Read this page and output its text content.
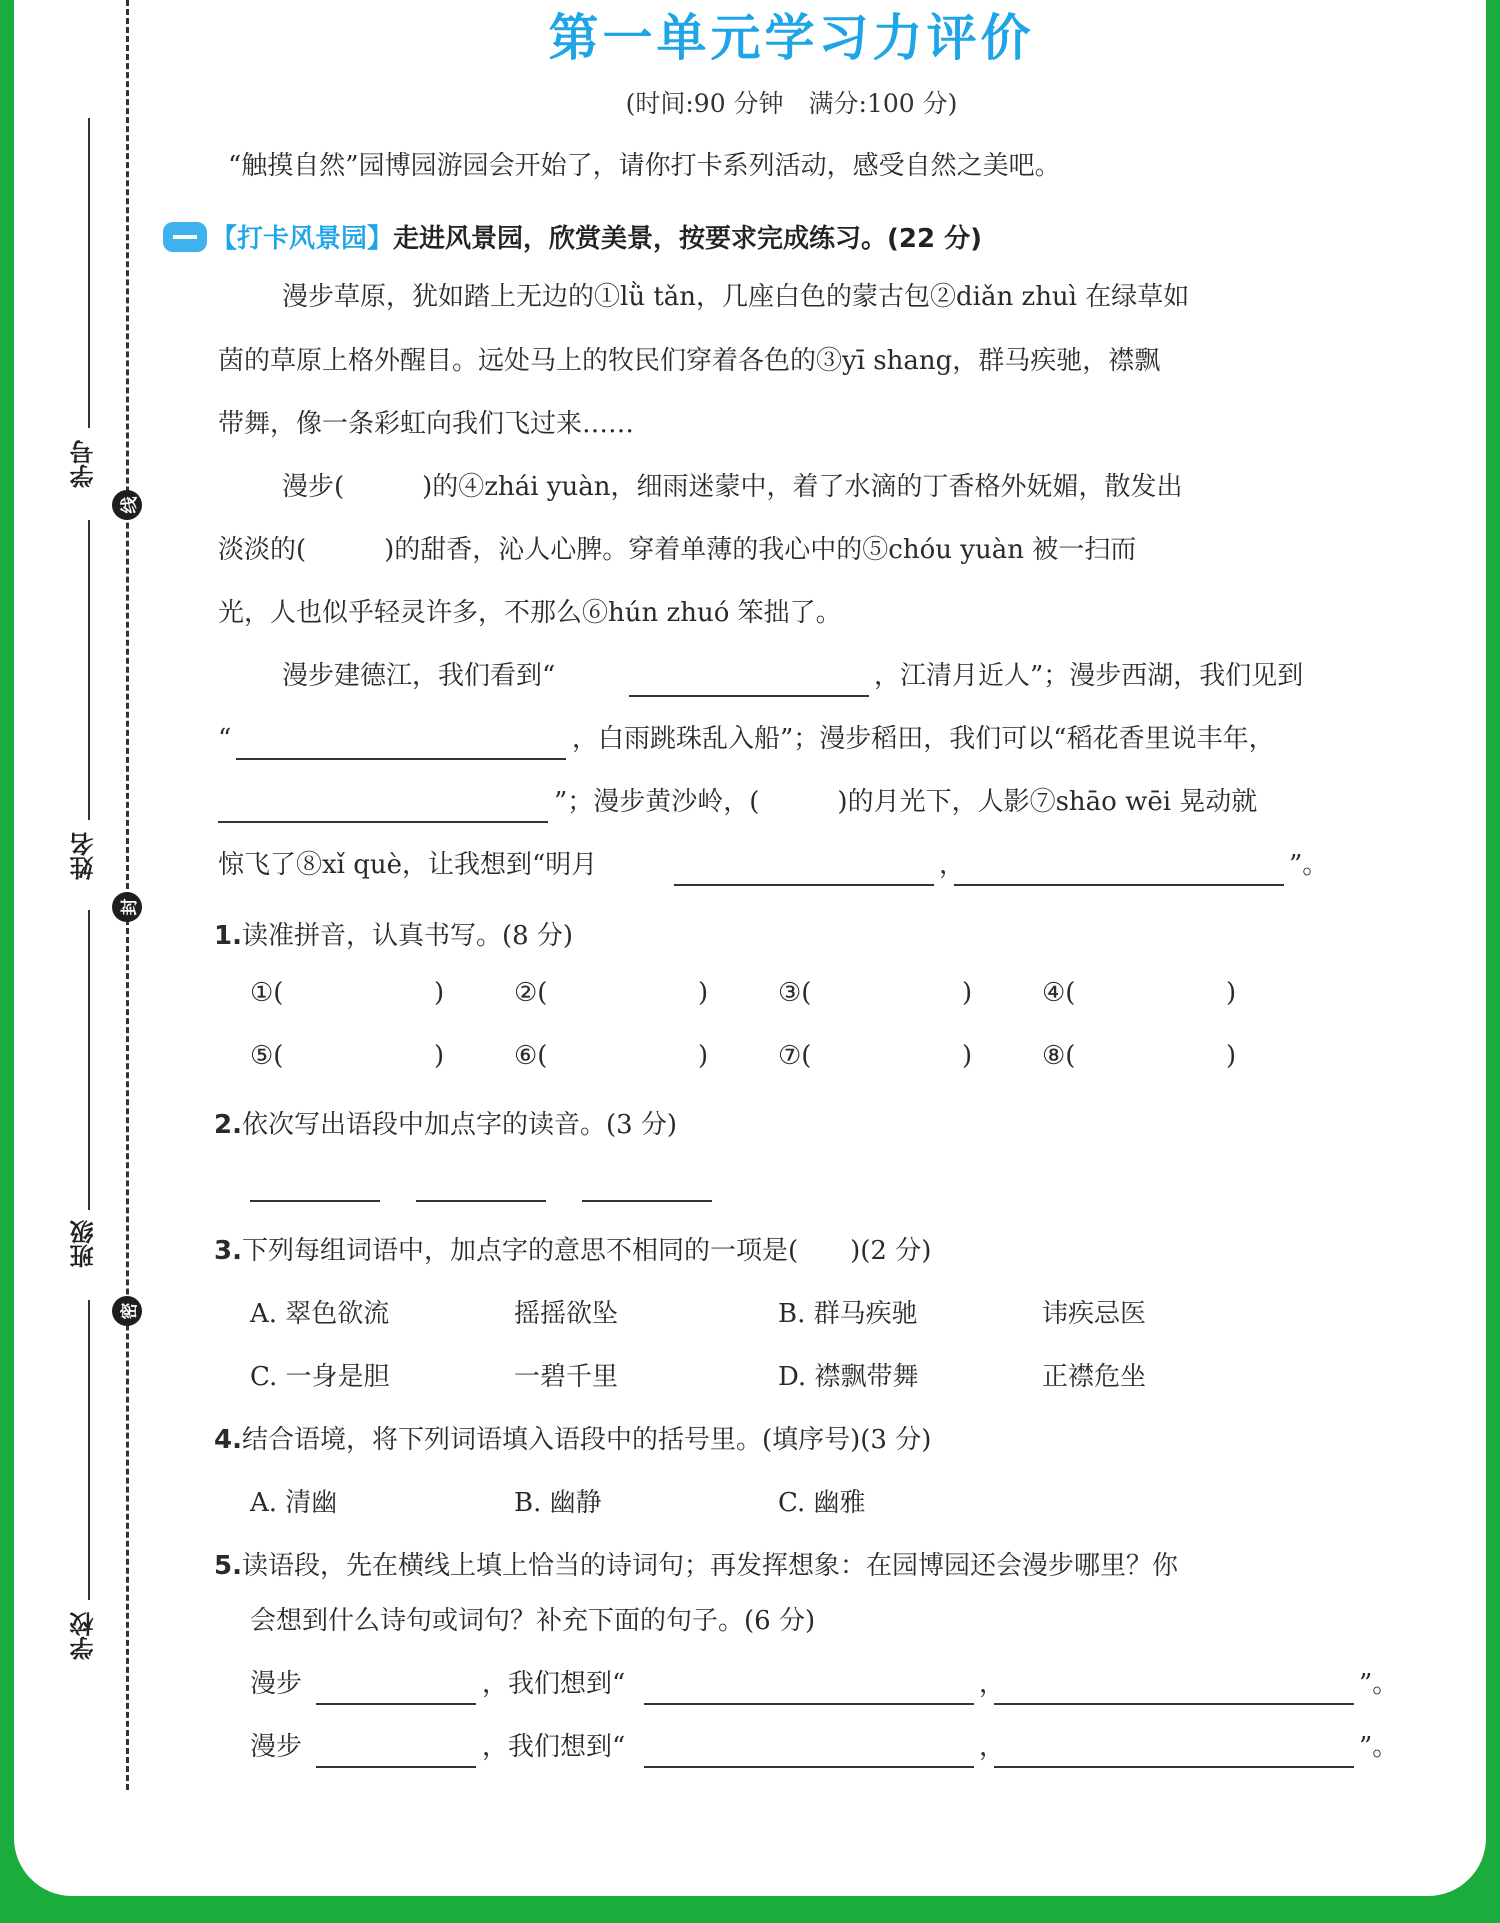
学号
姓名
班级
学校
线
封
密
第一单元学习力评价
(时间:90 分钟　满分:100 分)
“触摸自然”园博园游园会开始了，请你打卡系列活动，感受自然之美吧。
【打卡风景园】 走进风景园，欣赏美景，按要求完成练习。(22 分)
漫步草原，犹如踏上无边的①lǜ tǎn，几座白色的蒙古包②diǎn zhuì 在绿草如
茵的草原上格外醒目。远处马上的牧民们穿着各色的③yī shang，群马疾驰，襟飘
带舞，像一条彩虹向我们飞过来……
漫步(　　　)的④zhái yuàn，细雨迷蒙中，着了水滴的丁香格外妩媚，散发出
淡淡的(　　　)的甜香，沁人心脾。穿着单薄的我心中的⑤chóu yuàn 被一扫而
光，人也似乎轻灵许多，不那么⑥hún zhuó 笨拙了。
漫步建德江，我们看到“	，江清月近人”；漫步西湖，我们见到
“	，白雨跳珠乱入船”；漫步稻田，我们可以“稻花香里说丰年，
”；漫步黄沙岭，(　　　)的月光下，人影⑦shāo wēi 晃动就
惊飞了⑧xǐ què，让我想到“明月	，	”。
1.读准拼音，认真书写。(8 分)
①(	)	②(	)	③(	)	④(	)
⑤(	)	⑥(	)	⑦(	)	⑧(	)
2.依次写出语段中加点字的读音。(3 分)
3.下列每组词语中，加点字的意思不相同的一项是(　　)(2 分)
A. 翠色欲流	摇摇欲坠	B. 群马疾驰	讳疾忌医
C. 一身是胆	一碧千里	D. 襟飘带舞	正襟危坐
4.结合语境，将下列词语填入语段中的括号里。(填序号)(3 分)
A. 清幽	B. 幽静	C. 幽雅
5.读语段，先在横线上填上恰当的诗词句；再发挥想象：在园博园还会漫步哪里？你
会想到什么诗句或词句？补充下面的句子。(6 分)
漫步	，我们想到“	，	”。
漫步	，我们想到“	，	”。
